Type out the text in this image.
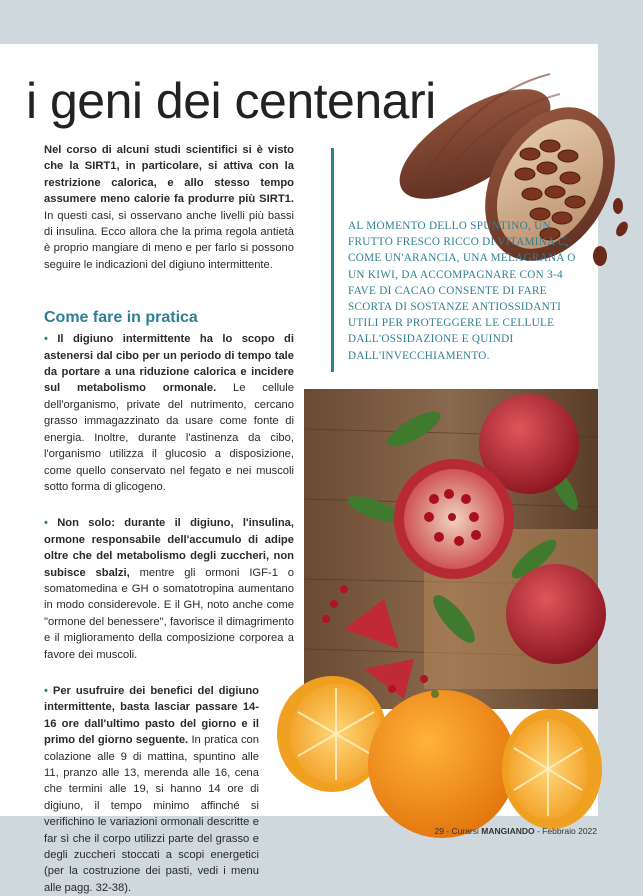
i geni dei centenari

Nel corso di alcuni studi scientifici si è visto che la SIRT1, in particolare, si attiva con la restrizione calorica, e allo stesso tempo assumere meno calorie fa produrre più SIRT1. In questi casi, si osservano anche livelli più bassi di insulina. Ecco allora che la prima regola antietà è proprio mangiare di meno e per farlo si possono seguire le indicazioni del digiuno intermittente.

Come fare in pratica

• Il digiuno intermittente ha lo scopo di astenersi dal cibo per un periodo di tempo tale da portare a una riduzione calorica e incidere sul metabolismo ormonale. Le cellule dell'organismo, private del nutrimento, cercano grasso immagazzinato da usare come fonte di energia. Inoltre, durante l'astinenza da cibo, l'organismo utilizza il glucosio a disposizione, come quello conservato nel fegato e nei muscoli sotto forma di glicogeno.

• Non solo: durante il digiuno, l'insulina, ormone responsabile dell'accumulo di adipe oltre che del metabolismo degli zuccheri, non subisce sbalzi, mentre gli ormoni IGF-1 o somatomedina e GH o somatotropina aumentano in modo considerevole. E il GH, noto anche come "ormone del benessere", favorisce il dimagrimento e il miglioramento della composizione corporea a favore dei muscoli.

• Per usufruire dei benefici del digiuno intermittente, basta lasciar passare 14-16 ore dall'ultimo pasto del giorno e il primo del giorno seguente. In pratica con colazione alle 9 di mattina, spuntino alle 11, pranzo alle 13, merenda alle 16, cena che termini alle 19, si hanno 14 ore di digiuno, il tempo minimo affinché si verifichino le variazioni ormonali descritte e far sì che il corpo utilizzi parte del grasso e degli zuccheri stoccati a scopi energetici (per la costruzione dei pasti, vedi i menu alle pagg. 32-38).

AL MOMENTO DELLO SPUNTINO, UN FRUTTO FRESCO RICCO DI VITAMINA C, COME UN'ARANCIA, UNA MELAGRANA O UN KIWI, DA ACCOMPAGNARE CON 3-4 FAVE DI CACAO CONSENTE DI FARE SCORTA DI SOSTANZE ANTIOSSIDANTI UTILI PER PROTEGGERE LE CELLULE DALL'OSSIDAZIONE E QUINDI DALL'INVECCHIAMENTO.
29 - Curarsi MANGIANDO - Febbraio 2022
